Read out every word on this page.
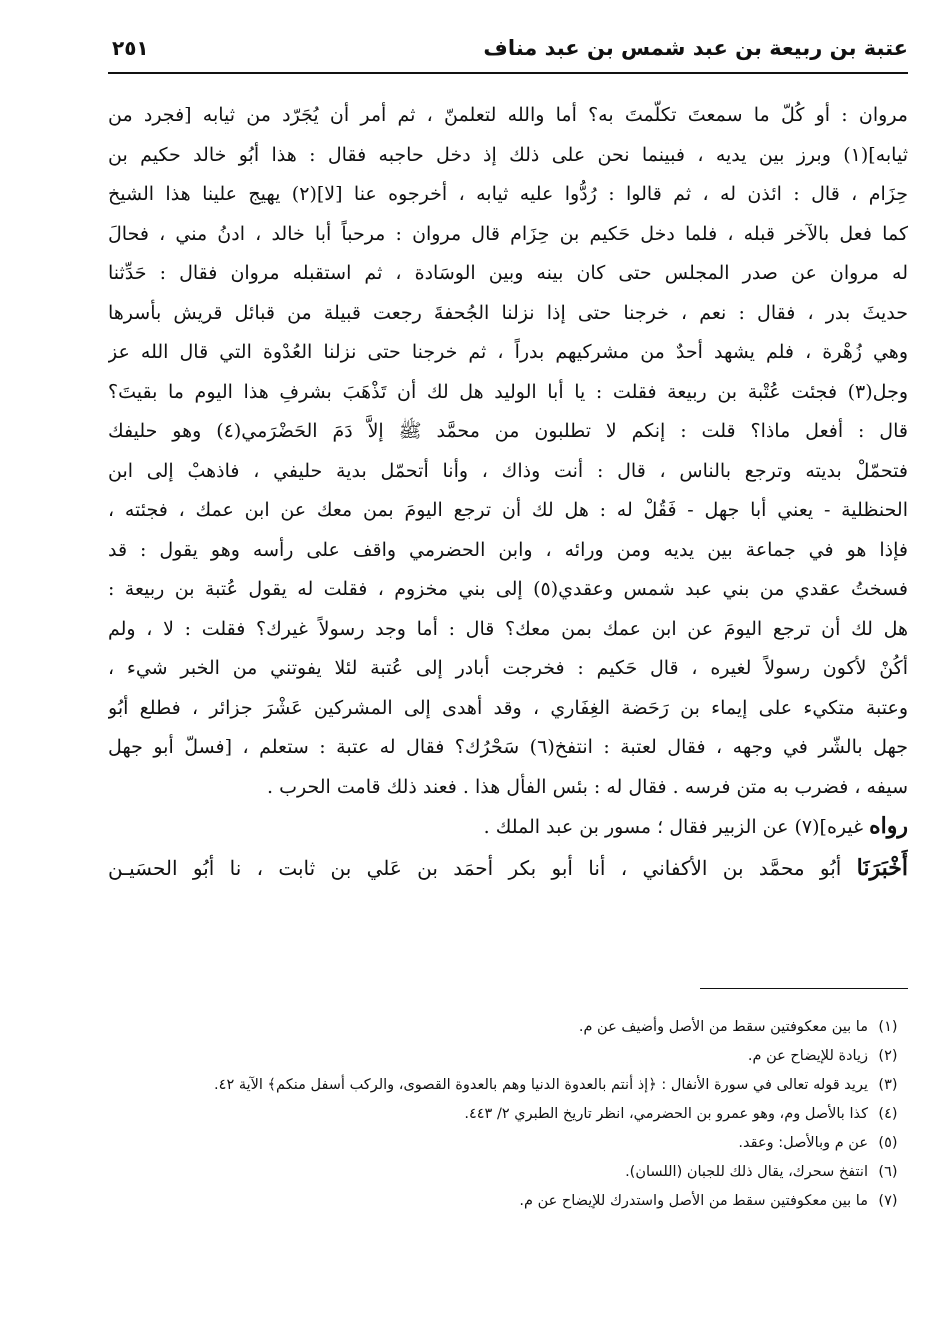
عتبة بن ربيعة بن عبد شمس بن عبد مناف
٢٥١
مروان : أو كُلّ ما سمعتَ تكلّمتَ به؟ أما والله لتعلمنّ ، ثم أمر أن يُجَرّد من ثيابه [فجرد من
ثيابه](١) وبرز بين يديه ، فبينما نحن على ذلك إذ دخل حاجبه فقال : هذا أبُو خالد حكيم بن
حِزَام ، قال : ائذن له ، ثم قالوا : رُدُّوا عليه ثيابه ، أخرجوه عنا [لا](٢) يهيج علينا هذا الشيخ
كما فعل بالآخر قبله ، فلما دخل حَكيم بن حِزَام قال مروان : مرحباً أبا خالد ، ادنُ مني ، فحالَ
له مروان عن صدر المجلس حتى كان بينه وبين الوسَادة ، ثم استقبله مروان فقال : حَدِّثنا
حديثَ بدر ، فقال : نعم ، خرجنا حتى إذا نزلنا الجُحفةَ رجعت قبيلة من قبائل قريش بأسرها
وهي زُهْرة ، فلم يشهد أحدٌ من مشركيهم بدراً ، ثم خرجنا حتى نزلنا العُدْوة التي قال الله عز
وجل(٣) فجئت عُتْبة بن ربيعة فقلت : يا أبا الوليد هل لك أن تَذْهَبَ بشرفِ هذا اليوم ما بقيتَ؟
قال : أفعل ماذا؟ قلت : إنكم لا تطلبون من محمَّد ﷺ إلاَّ دَمَ الحَضْرَمي(٤) وهو حليفك
فتحمّلْ بديته وترجع بالناس ، قال : أنت وذاك ، وأنا أتحمّل بدية حليفي ، فاذهبْ إلى ابن
الحنظلية - يعني أبا جهل - فَقُلْ له : هل لك أن ترجع اليومَ بمن معك عن ابن عمك ، فجئته ،
فإذا هو في جماعة بين يديه ومن ورائه ، وابن الحضرمي واقف على رأسه وهو يقول : قد
فسختُ عقدي من بني عبد شمس وعقدي(٥) إلى بني مخزوم ، فقلت له يقول عُتبة بن ربيعة :
هل لك أن ترجع اليومَ عن ابن عمك بمن معك؟ قال : أما وجد رسولاً غيرك؟ فقلت : لا ، ولم
أكُنْ لأكون رسولاً لغيره ، قال حَكيم : فخرجت أبادر إلى عُتبة لئلا يفوتني من الخبر شيء ،
وعتبة متكيء على إيماء بن رَحَضة الغِفَاري ، وقد أهدى إلى المشركين عَشْرَ جزائر ، فطلع أبُو
جهل بالشّر في وجهه ، فقال لعتبة : انتفخ(٦) سَحْرُك؟ فقال له عتبة : ستعلم ، [فسلّ أبو جهل
سيفه ، فضرب به متن فرسه . فقال له : بئس الفأل هذا . فعند ذلك قامت الحرب .
رواه غيره](٧) عن الزبير فقال ؛ مسور بن عبد الملك .
أَخْبَرَنَا أبُو محمَّد بن الأكفاني ، أنا أبو بكر أحمَد بن عَلي بن ثابت ، نا أبُو الحسَيـن
(١)
ما بين معكوفتين سقط من الأصل وأضيف عن م.
(٢)
زيادة للإيضاح عن م.
(٣)
يريد قوله تعالى في سورة الأنفال : ﴿إذ أنتم بالعدوة الدنيا وهم بالعدوة القصوى، والركب أسفل منكم﴾ الآية ٤٢.
(٤)
كذا بالأصل وم، وهو عمرو بن الحضرمي، انظر تاريخ الطبري ٢/ ٤٤٣.
(٥)
عن م وبالأصل: وعقد.
(٦)
انتفخ سحرك، يقال ذلك للجبان (اللسان).
(٧)
ما بين معكوفتين سقط من الأصل واستدرك للإيضاح عن م.
